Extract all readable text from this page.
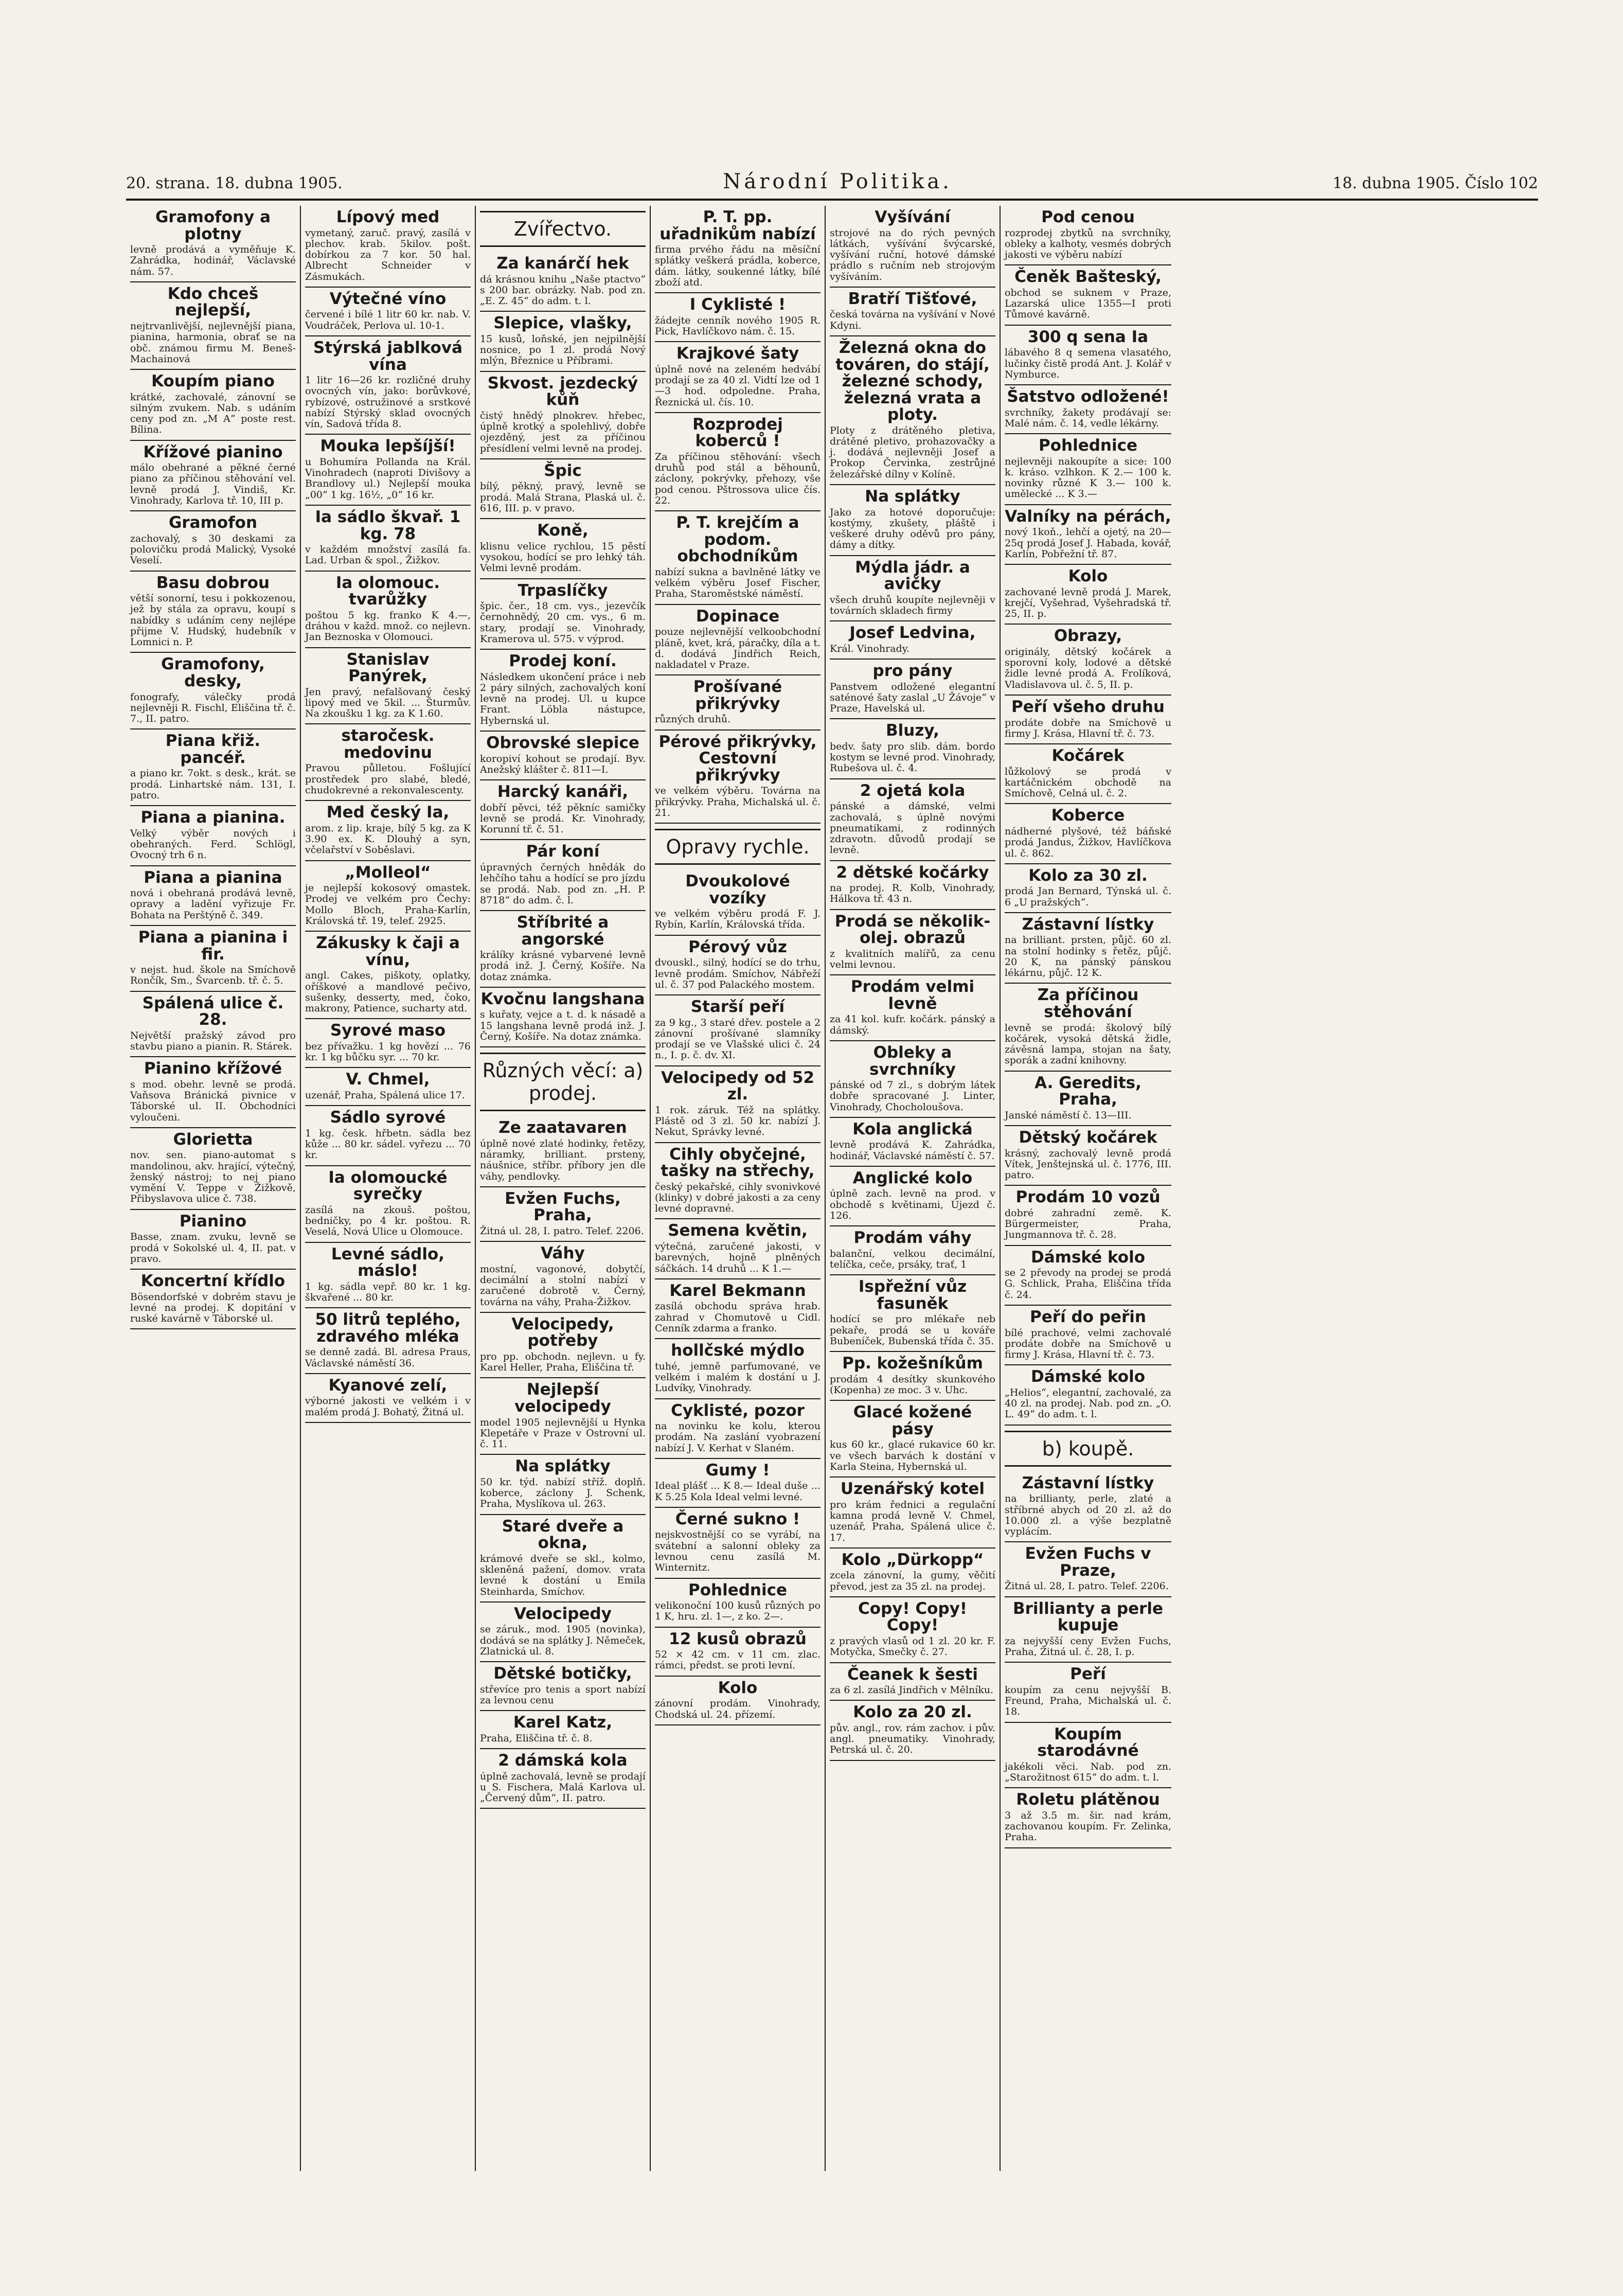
20. strana. 18. dubna 1905.	Národní Politika.	18. dubna 1905. Číslo 102
Gramofony a plotny

levně prodává a vyměňuje K. Zahrádka, hodinář, Václavské nám. 57.

Kdo chceš nejlepší,

nejtrvanlivější, nejlevnější piana, pianina, harmonia, obrať se na obč. známou firmu M. Beneš-Machainová

Koupím piano

krátké, zachovalé, zánovní se silným zvukem. Nab. s udáním ceny pod zn. „M A“ poste rest. Bílina.

Křížové pianino

málo obehrané a pěkné černé piano za příčinou stěhování vel. levně prodá J. Vindiš, Kr. Vinohrady, Karlova tř. 10, III p.

Gramofon

zachovalý, s 30 deskami za polovičku prodá Malický, Vysoké Veselí.

Basu dobrou

větší sonorní, tesu i pokkozenou, jež by stála za opravu, koupí s nabídky s udáním ceny nejlépe přijme V. Hudský, hudebník v Lomnici n. P.

Gramofony, desky,

fonografy, válečky prodá nejlevněji R. Fischl, Eliščina tř. č. 7., II. patro.

Piana křiž. pancéř.

a piano kr. 7okt. s desk., krát. se prodá. Linhartské nám. 131, I. patro.

Piana a pianina.

Velký výběr nových i obehraných. Ferd. Schlögl, Ovocný trh 6 n.

Piana a pianina

nová i obehraná prodává levně, opravy a ladění vyřizuje Fr. Bohata na Perštýně č. 349.

Piana a pianina i fir.

v nejst. hud. škole na Smíchově Rončík, Sm., Švarcenb. tř. č. 5.

Spálená ulice č. 28.

Největší pražský závod pro stavbu piano a pianin. R. Stárek.

Pianino křížové

s mod. obehr. levně se prodá. Vaňsova Bránická pivnice v Táborské ul. II. Obchodníci vyloučeni.

Glorietta

nov. sen. piano-automat s mandolinou, akv. hrající, výtečný, ženský nástroj; to nej piano vymění V. Teppe v Žižkově, Přibyslavova ulice č. 738.

Pianino

Basse, znam. zvuku, levně se prodá v Sokolské ul. 4, II. pat. v pravo.

Koncertní křídlo

Bösendorfské v dobrém stavu je levné na prodej. K dopitání v ruské kavárně v Táborské ul.

Lípový med

vymetaný, zaruč. pravý, zasílá v plechov. krab. 5kilov. pošt. dobírkou za 7 kor. 50 hal. Albrecht Schneider v Zásmukách.

Výtečné víno

červené i bílé 1 litr 60 kr. nab. V. Voudráček, Perlova ul. 10-1.

Stýrská jablková vína

1 litr 16—26 kr. rozličné druhy ovocných vín, jako: borůvkové, rybízové, ostružinové a srstkové nabízí Stýrský sklad ovocných vín, Sadová třída 8.

Mouka lepšíjší!

u Bohumíra Pollanda na Král. Vinohradech (naproti Divišovy a Brandlovy ul.) Nejlepší mouka „00“ 1 kg. 16½, „0“ 16 kr.

Ia sádlo škvař. 1 kg. 78

v každém množství zasílá fa. Lad. Urban & spol., Žižkov.

Ia olomouc. tvarůžky

poštou 5 kg. franko K 4.—, dráhou v každ. množ. co nejlevn. Jan Beznoska v Olomouci.

Stanislav Panýrek,

Jen pravý, nefalšovaný český lipový med ve 5kil. ... Šturmův. Na zkoušku 1 kg. za K 1.60.

staročesk. medovinu

Pravou půlletou. Fošlující prostředek pro slabé, bledé, chudokrevné a rekonvalescenty.

Med český Ia,

arom. z lip. kraje, bílý 5 kg. za K 3.90 ex. K. Dlouhý a syn, včelařství v Soběslavi.

„Molleol“

je nejlepší kokosový omastek. Prodej ve velkém pro Čechy: Mollo Bloch, Praha-Karlín, Královská tř. 19, telef. 2925.

Zákusky k čaji a vínu,

angl. Cakes, piškoty, oplatky, oříškové a mandlové pečivo, sušenky, desserty, med, čoko, makrony, Patience, sucharty atd.

Syrové maso

bez přívažku. 1 kg hovězí ... 76 kr. 1 kg bůčku syr. ... 70 kr.

V. Chmel,

uzenář, Praha, Spálená ulice 17.

Sádlo syrové

1 kg. česk. hřbetn. sádla bez kůže ... 80 kr. sádel. vyřezu ... 70 kr.

Ia olomoucké syrečky

zasílá na zkouš. poštou, bedničky, po 4 kr. poštou. R. Veselá, Nová Ulice u Olomouce.

Levné sádlo, máslo!

1 kg. sádla vepř. 80 kr. 1 kg. škvařené ... 80 kr.

50 litrů teplého, zdravého mléka

se denně zadá. Bl. adresa Praus, Václavské náměstí 36.

Kyanové zelí,

výborné jakosti ve velkém i v malém prodá J. Bohatý, Žitná ul.

Zvířectvo.
Za kanárčí hek

dá krásnou knihu „Naše ptactvo“ s 200 bar. obrázky. Nab. pod zn. „E. Z. 45“ do adm. t. l.

Slepice, vlašky,

15 kusů, loňské, jen nejpilnější nosnice, po 1 zl. prodá Nový mlýn, Březnice u Příbrami.

Skvost. jezdecký kůň

čistý hnědý plnokrev. hřebec, úplně krotký a spolehlivý, dobře ojezděný, jest za příčinou přesídlení velmi levně na prodej.

Špic

bílý, pěkný, pravý, levně se prodá. Malá Strana, Plaská ul. č. 616, III. p. v pravo.

Koně,

klisnu velice rychlou, 15 pěstí vysokou, hodící se pro lehký táh. Velmi levně prodám.

Trpaslíčky

špic. čer., 18 cm. vys., jezevčík černohnědý, 20 cm. vys., 6 m. stary, prodají se. Vinohrady, Kramerova ul. 575. v výprod.

Prodej koní.

Následkem ukončení práce i neb 2 páry silných, zachovalých koní levně na prodej. Ul. u kupce Frant. Löbla nástupce, Hybernská ul.

Obrovské slepice

koropiví kohout se prodají. Byv. Anežský klášter č. 811—I.

Harcký kanáři,

dobří pěvci, též pěkníc samičky levně se prodá. Kr. Vinohrady, Korunní tř. č. 51.

Pár koní

úpravných černých hnědák do lehčího tahu a hodící se pro jízdu se prodá. Nab. pod zn. „H. P. 8718“ do adm. č. l.

Stříbrité a angorské

králíky krásné vybarvené levně prodá inž. J. Černý, Košíře. Na dotaz známka.

Kvočnu langshana

s kuřaty, vejce a t. d. k násadě a 15 langshana levně prodá inž. J. Černý, Košíře. Na dotaz známka.

Různých věcí: a) prodej.
Ze zaatavaren

úplně nové zlaté hodinky, řetězy, náramky, brilliant. prsteny, náušnice, stříbr. příbory jen dle váhy, pendlovky.

Evžen Fuchs, Praha,

Žitná ul. 28, I. patro. Telef. 2206.

Váhy

mostní, vagonové, dobytčí, decimální a stolní nabízí v zaručené dobrotě v. Černý, továrna na váhy, Praha-Žižkov.

Velocipedy, potřeby

pro pp. obchodn. nejlevn. u fy. Karel Heller, Praha, Eliščina tř.

Nejlepší velocipedy

model 1905 nejlevnější u Hynka Klepetáře v Praze v Ostrovní ul. č. 11.

Na splátky

50 kr. týd. nabízí stříž. doplň. koberce, záclony J. Schenk, Praha, Myslíkova ul. 263.

Staré dveře a okna,

krámové dveře se skl., kolmo, skleněná pažení, domov. vrata levné k dostání u Emila Steinharda, Smíchov.

Velocipedy

se záruk., mod. 1905 (novinka), dodává se na splátky J. Němeček, Zlatnická ul. 8.

Dětské botičky,

střevíce pro tenis a sport nabízí za levnou cenu

Karel Katz,

Praha, Eliščina tř. č. 8.

2 dámská kola

úplně zachovalá, levně se prodají u S. Fischera, Malá Karlova ul. „Červený dům“, II. patro.

P. T. pp. uřadnikům nabízí

firma prvého řádu na měsíční splátky veškerá prádla, koberce, dám. látky, soukenné látky, bílé zboží atd.

I Cyklisté !

žádejte cenník nového 1905 R. Pick, Havlíčkovo nám. č. 15.

Krajkové šaty

úplně nové na zeleném hedvábí prodají se za 40 zl. Vidtí lze od 1—3 hod. odpoledne. Praha, Řeznická ul. čís. 10.

Rozprodej koberců !

Za příčinou stěhování: všech druhů pod stál a běhounů, záclony, pokrývky, přehozy, vše pod cenou. Pštrossova ulice čís. 22.

P. T. krejčím a podom. obchodníkům

nabízí sukna a bavlněné látky ve velkém výběru Josef Fischer, Praha, Staroměstské náměstí.

Dopinace

pouze nejlevnější velkoobchodní pláně, kvet, krá, páračky, díla a t. d. dodává Jindřich Reich, nakladatel v Praze.

Prošívané přikrývky

různých druhů.

Pérové přikrývky, Cestovní přikrývky

ve velkém výběru. Továrna na přikrývky. Praha, Michalská ul. č. 21.

Opravy rychle.
Dvoukolové vozíky

ve velkém výběru prodá F. J. Rybín, Karlín, Královská třída.

Pérový vůz

dvouskl., silný, hodící se do trhu, levně prodám. Smíchov, Nábřeží ul. č. 37 pod Palackého mostem.

Starší peří

za 9 kg., 3 staré dřev. postele a 2 zánovní prošívané slamníky prodají se ve Vlašské ulici č. 24 n., I. p. č. dv. XI.

Velocipedy od 52 zl.

1 rok. záruk. Též na splátky. Plástě od 3 zl. 50 kr. nabízí J. Nekut, Správky levné.

Cihly obyčejné, tašky na střechy,

český pekařské, cihly svonivkové (klinky) v dobré jakosti a za ceny levné dopravné.

Semena květin,

výtečná, zaručené jakosti, v barevných, hojně plněných sáčkách. 14 druhů ... K 1.—

Karel Bekmann

zasílá obchodu správa hrab. zahrad v Chomutově u Cidl. Cenník zdarma a franko.

hollčské mýdlo

tuhé, jemně parfumované, ve velkém i malém k dostání u J. Ludvíky, Vinohrady.

Cyklisté, pozor

na novinku ke kolu, kterou prodám. Na zaslání vyobrazení nabízí J. V. Kerhat v Slaném.

Gumy !

Ideal plášť ... K 8.— Ideal duše ... K 5.25 Kola Ideal velmi levné.

Černé sukno !

nejskvostnější co se vyrábí, na svátební a salonní obleky za levnou cenu zasílá M. Winternitz.

Pohlednice

velikonoční 100 kusů různých po 1 K, hru. zl. 1—, z ko. 2—.

12 kusů obrazů

52 × 42 cm. v 11 cm. zlac. rámci, předst. se proti levní.

Kolo

zánovní prodám. Vinohrady, Chodská ul. 24. přízemí.

Vyšívání

strojové na do rých pevných látkách, vyšívání švýcarské, vyšívání ruční, hotové dámské prádlo s ručním neb strojovým vyšíváním.

Bratří Tišťové,

česká továrna na vyšívání v Nové Kdyni.

Železná okna do továren, do stájí, železné schody, železná vrata a ploty.

Ploty z drátěného pletiva, drátěné pletivo, prohazovačky a j. dodává nejlevněji Josef a Prokop Červinka, zestrůjné železářské dílny v Kolíně.

Na splátky

Jako za hotové doporučuje: kostýmy, zkušety, pláště i veškeré druhy oděvů pro pány, dámy a dítky.

Mýdla jádr. a avičky

všech druhů koupíte nejlevněji v továrních skladech firmy

Josef Ledvina,

Král. Vinohrady.

pro pány

Panstvem odložené elegantní saténové šaty zaslal „U Žávoje“ v Praze, Havelská ul.

Bluzy,

bedv. šaty pro slib. dám. bordo kostym se levné prod. Vinohrady, Rubešova ul. č. 4.

2 ojetá kola

pánské a dámské, velmi zachovalá, s úplně novými pneumatikami, z rodinných zdravotn. důvodů prodají se levně.

2 dětské kočárky

na prodej. R. Kolb, Vinohrady, Hálkova tř. 43 n.

Prodá se několik-olej. obrazů

z kvalitních malířů, za cenu velmi levnou.

Prodám velmi levně

za 41 kol. kufr. kočárk. pánský a dámský.

Obleky a svrchníky

pánské od 7 zl., s dobrým látek dobře spracované J. Linter, Vinohrady, Chocholoušova.

Kola anglická

levně prodává K. Zahrádka, hodinář, Václavské náměstí č. 57.

Anglické kolo

úplně zach. levně na prod. v obchodě s květinami, Újezd č. 126.

Prodám váhy

balanční, velkou decimální, telíčka, ceče, prsáky, trať, 1

Ispřežní vůz fasuněk

hodící se pro mlékaře neb pekaře, prodá se u kováře Bubeníček, Bubenská třída č. 35.

Pp. kožešníkům

prodám 4 desítky skunkového (Kopenha) ze moc. 3 v. Uhc.

Glacé kožené pásy

kus 60 kr., glacé rukavice 60 kr. ve všech barvách k dostání v Karla Steina, Hybernská ul.

Uzenářský kotel

pro krám řednici a regulační kamna prodá levně V. Chmel, uzenář, Praha, Spálená ulice č. 17.

Kolo „Dürkopp“

zcela zánovní, la gumy, věčití převod, jest za 35 zl. na prodej.

Copy! Copy! Copy!

z pravých vlasů od 1 zl. 20 kr. F. Motyčka, Smečky č. 27.

Čeanek k šesti

za 6 zl. zasílá Jindřich v Mělníku.

Kolo za 20 zl.

pův. angl., rov. rám zachov. i pův. angl. pneumatiky. Vinohrady, Petrská ul. č. 20.

Pod cenou

rozprodej zbytků na svrchníky, obleky a kalhoty, vesmés dobrých jakosti ve výběru nabízí

Čeněk Bašteský,

obchod se suknem v Praze, Lazarská ulice 1355—I proti Tůmové kavárně.

300 q sena Ia

lábavého 8 q semena vlasatého, lučinky čistě prodá Ant. J. Kolář v Nymburce.

Šatstvo odložené!

svrchníky, žakety prodávají se: Malé nám. č. 14, vedle lékárny.

Pohlednice

nejlevněji nakoupíte a sice: 100 k. kráso. vzlhkon. K 2.— 100 k. novinky různé K 3.— 100 k. umělecké ... K 3.—

Valníky na pérách,

nový 1koň., lehčí a ojetý, na 20—25q prodá Josef J. Habada, kovář, Karlín, Pobřežní tř. 87.

Kolo

zachované levně prodá J. Marek, krejčí, Vyšehrad, Vyšehradská tř. 25, II. p.

Obrazy,

originály, dětský kočárek a sporovní koly, lodové a dětské židle levné prodá A. Frolíková, Vladislavova ul. č. 5, II. p.

Peří všeho druhu

prodáte dobře na Smíchově u firmy J. Krása, Hlavní tř. č. 73.

Kočárek

lůžkolový se prodá v kartáčnickém obchodě na Smíchově, Celná ul. č. 2.

Koberce

nádherné plyšové, též báňské prodá Jandus, Žižkov, Havlíčkova ul. č. 862.

Kolo za 30 zl.

prodá Jan Bernard, Týnská ul. č. 6 „U pražských“.

Zástavní lístky

na brilliant. prsten, půjč. 60 zl. na stolní hodinky s řetěz, půjč. 20 K, na pánský pánskou lékárnu, půjč. 12 K.

Za příčinou stěhování

levně se prodá: školový bílý kočárek, vysoká dětská židle, závěsná lampa, stojan na šaty, sporák a zadní knihovny.

A. Geredits, Praha,

Janské náměstí č. 13—III.

Dětský kočárek

krásný, zachovalý levně prodá Vítek, Jenštejnská ul. č. 1776, III. patro.

Prodám 10 vozů

dobré zahradní země. K. Bürgermeister, Praha, Jungmannova tř. č. 28.

Dámské kolo

se 2 převody na prodej se prodá G. Schlick, Praha, Eliščina třída č. 24.

Peří do peřin

bílé prachové, velmi zachovalé prodáte dobře na Smíchově u firmy J. Krása, Hlavní tř. č. 73.

Dámské kolo

„Helios“, elegantní, zachovalé, za 40 zl. na prodej. Nab. pod zn. „O. L. 49“ do adm. t. l.

b) koupě.
Zástavní lístky

na brillianty, perle, zlaté a stříbrné abych od 20 zl. až do 10.000 zl. a výše bezplatně vyplácím.

Evžen Fuchs v Praze,

Žitná ul. 28, I. patro. Telef. 2206.

Brillianty a perle kupuje

za nejvyšší ceny Evžen Fuchs, Praha, Žitná ul. č. 28, I. p.

Peří

koupím za cenu nejvyšší B. Freund, Praha, Michalská ul. č. 18.

Koupím starodávné

jakékoli věci. Nab. pod zn. „Starožitnost 615“ do adm. t. l.

Roletu plátěnou

3 až 3.5 m. šir. nad krám, zachovanou koupím. Fr. Zelinka, Praha.
